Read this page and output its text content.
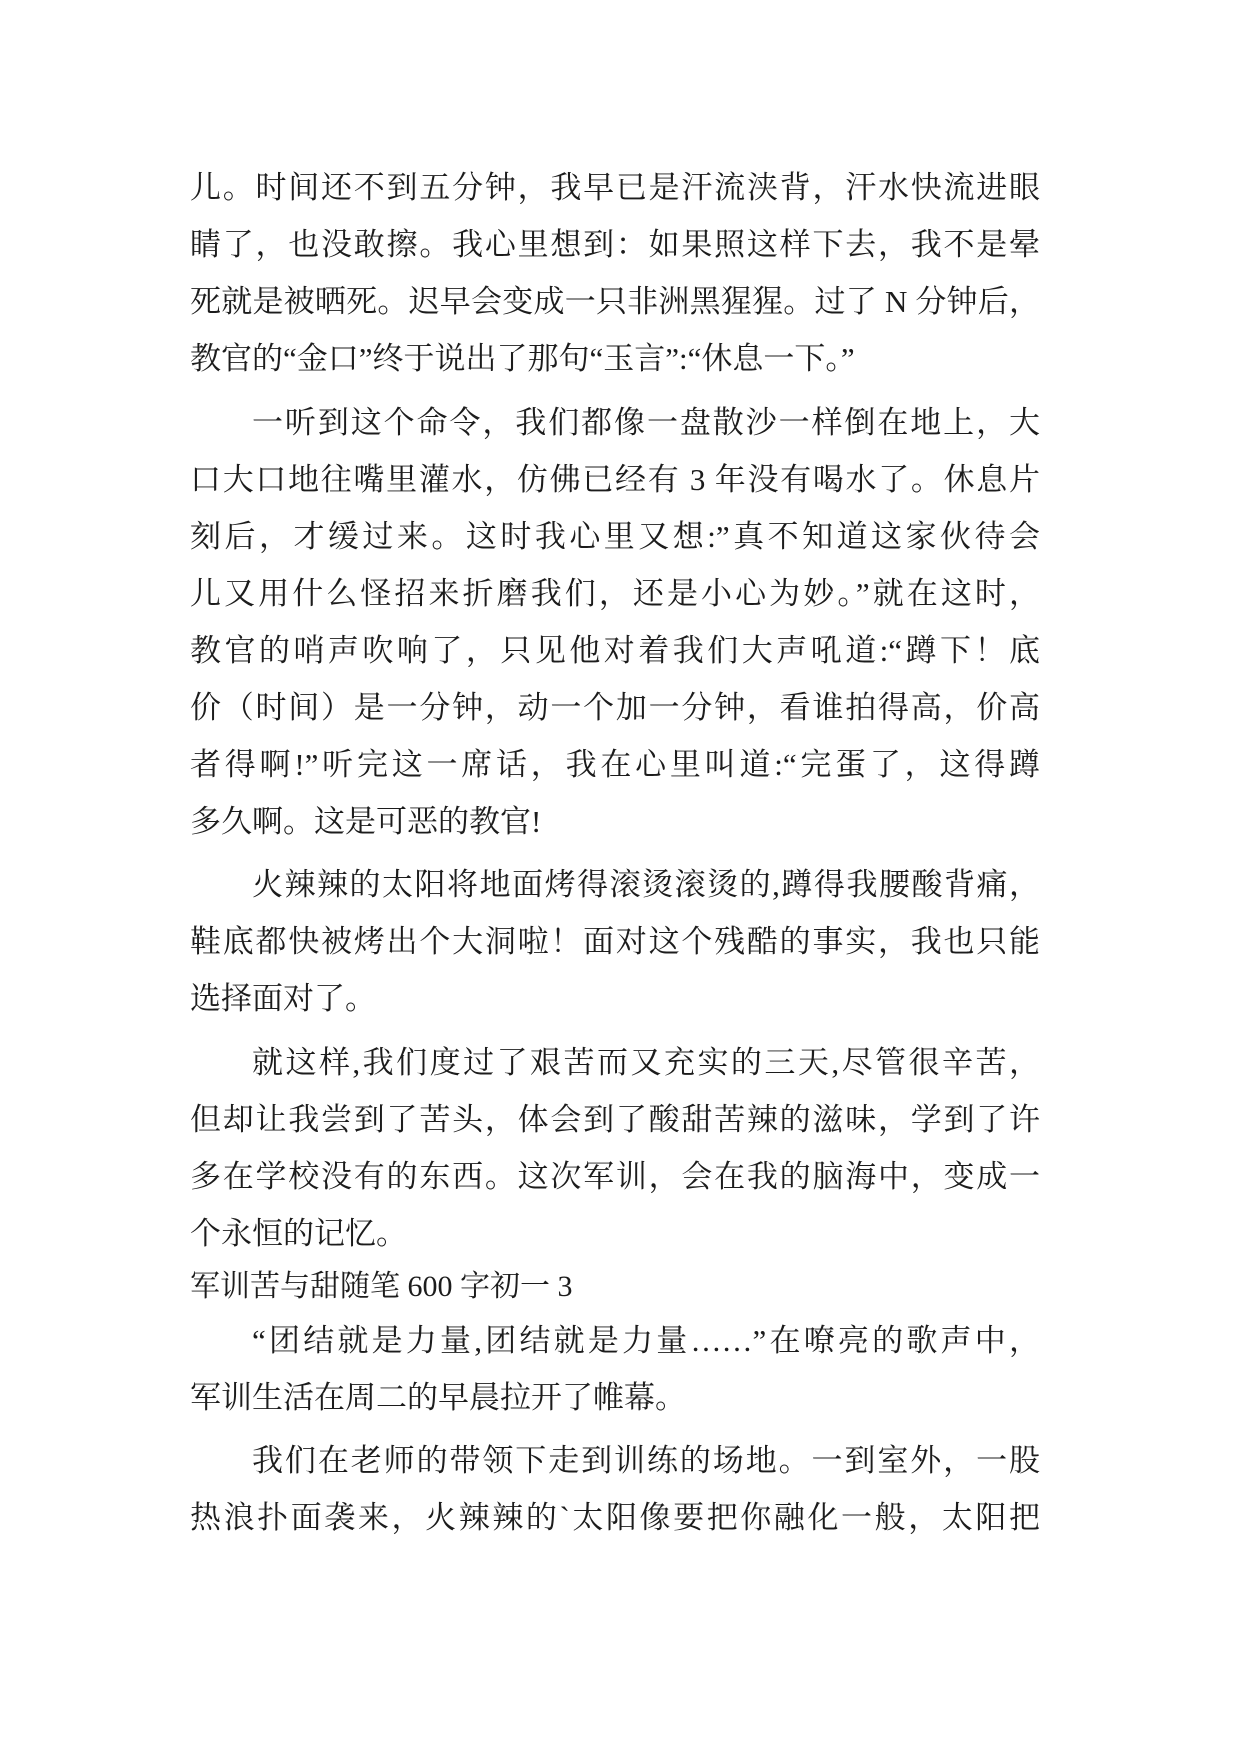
儿。时间还不到五分钟，我早已是汗流浃背，汗水快流进眼
睛了，也没敢擦。我心里想到：如果照这样下去，我不是晕
死就是被晒死。迟早会变成一只非洲黑猩猩。过了 N 分钟后，
教官的“金口”终于说出了那句“玉言”:“休息一下。”
一听到这个命令，我们都像一盘散沙一样倒在地上，大
口大口地往嘴里灌水，仿佛已经有 3 年没有喝水了。休息片
刻后，才缓过来。这时我心里又想:”真不知道这家伙待会
儿又用什么怪招来折磨我们，还是小心为妙。”就在这时，
教官的哨声吹响了，只见他对着我们大声吼道:“蹲下！底
价（时间）是一分钟，动一个加一分钟，看谁拍得高，价高
者得啊!”听完这一席话，我在心里叫道:“完蛋了，这得蹲
多久啊。这是可恶的教官!
火辣辣的太阳将地面烤得滚烫滚烫的,蹲得我腰酸背痛，
鞋底都快被烤出个大洞啦！面对这个残酷的事实，我也只能
选择面对了。
就这样,我们度过了艰苦而又充实的三天,尽管很辛苦，
但却让我尝到了苦头，体会到了酸甜苦辣的滋味，学到了许
多在学校没有的东西。这次军训，会在我的脑海中，变成一
个永恒的记忆。
军训苦与甜随笔 600 字初一 3
“团结就是力量,团结就是力量……”在嘹亮的歌声中，
军训生活在周二的早晨拉开了帷幕。
我们在老师的带领下走到训练的场地。一到室外，一股
热浪扑面袭来，火辣辣的`太阳像要把你融化一般，太阳把
